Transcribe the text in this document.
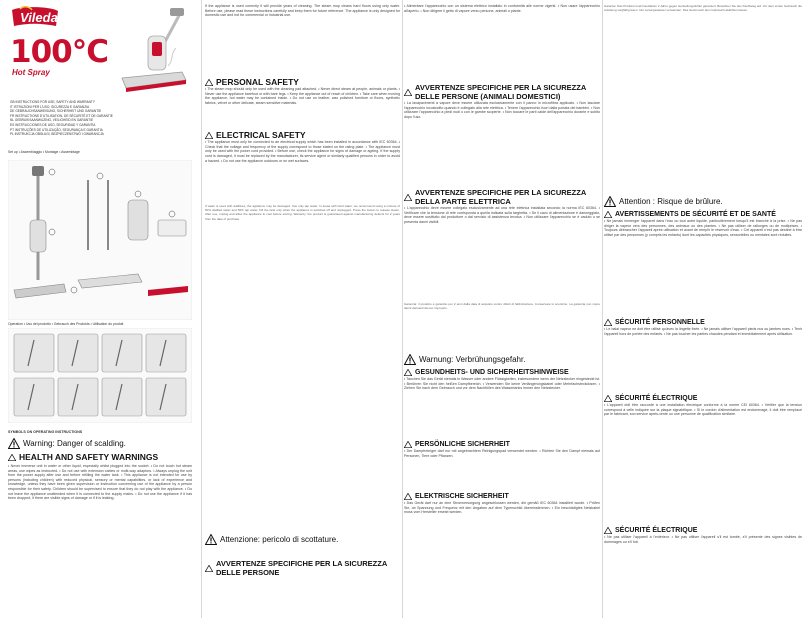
Vileda
make life easier
100°C
Hot Spray
GB INSTRUCTIONS FOR USE, SAFETY AND WARRANTY
IT ISTRUZIONI PER L'USO, SICUREZZA E GARANZIA
DE GEBRAUCHSANWEISUNG, SICHERHEIT UND GARANTIE
FR INSTRUCTIONS D'UTILISATION, DE SÉCURITÉ ET DE GARANTIE
NL GEBRUIKSAANWIJZING, VEILIGHEID EN GARANTIE
ES INSTRUCCIONES DE USO, SEGURIDAD Y GARANTÍA
PT INSTRUÇÕES DE UTILIZAÇÃO, SEGURANÇA E GARANTIA
PL INSTRUKCJA OBSŁUGI, BEZPIECZEŃSTWO I GWARANCJA
Set up • Assemblaggio • Montage • Assemblage
Operation • Uso del prodotto • Gebrauch des Produkts • Utilisation du produit
SYMBOLS ON OPERATING INSTRUCTIONS
Warning: Danger of scalding.
HEALTH AND SAFETY WARNINGS
• Never immerse unit in water or other liquid, especially whilst plugged into the socket. • Do not touch hot steam areas, use wipes as instructed. • Do not use with extension cables or multi-way adaptors. • Always unplug the unit from the power supply after use and before refilling the water tank. • This appliance is not intended for use by persons (including children) with reduced physical, sensory or mental capabilities, or lack of experience and knowledge, unless they have been given supervision or instruction concerning use of the appliance by a person responsible for their safety. Children should be supervised to ensure that they do not play with the appliance. • Do not leave the appliance unattended when it is connected to the supply mains. • Do not use the appliance if it has been dropped, if there are visible signs of damage or if it is leaking.
If the appliance is used correctly it will provide years of cleaning. The steam mop cleans hard floors using only water. Before use, please read these instructions carefully and keep them for future reference. The appliance is only designed for domestic use and not for commercial or industrial use.
PERSONAL SAFETY
• The steam mop should only be used with the cleaning pad attached. • Never direct steam at people, animals or plants. • Never use the appliance barefoot or with bare legs. • Keep the appliance out of reach of children. • Take care when moving the appliance, hot water may be contained inside. • Do not use on leather, wax polished furniture or floors, synthetic fabrics, velvet or other delicate, steam sensitive materials.
ELECTRICAL SAFETY
• The appliance must only be connected to an electrical supply which has been installed in accordance with IEC 60364. • Check that the voltage and frequency of the supply correspond to those stated on the rating plate. • The appliance must only be used with the power cord provided. • Before use, check the appliance for signs of damage or ageing. If the supply cord is damaged, it must be replaced by the manufacturer, its service agent or similarly qualified persons in order to avoid a hazard. • Do not use the appliance outdoors or on wet surfaces.
If water is used with additives, the appliance may be damaged. Use only tap water. In areas with hard water, we recommend using a mixture of 50% distilled water and 50% tap water. Fill the tank only when the appliance is switched off and unplugged. Press the button to release steam. After use, unplug and allow the appliance to cool before storing. Warranty: the product is guaranteed against manufacturing defects for 2 years from the date of purchase.
Attenzione: pericolo di scottature.
AVVERTENZE SPECIFICHE PER LA SICUREZZA DELLE PERSONE
• Alimentare l'apparecchio con un sistema elettrico installato in conformità alle norme vigenti. • Non usare l'apparecchio all'aperto. • Non dirigere il getto di vapore verso persone, animali o piante.
AVVERTENZE SPECIFICHE PER LA SICUREZZA DELLE PERSONE (ANIMALI DOMESTICI)
• La lavapavimenti a vapore deve essere utilizzata esclusivamente con il panno in microfibra applicato. • Non lasciare l'apparecchio incustodito quando è collegato alla rete elettrica. • Tenere l'apparecchio fuori dalla portata dei bambini. • Non utilizzare l'apparecchio a piedi nudi o con le gambe scoperte. • Non toccare le parti calde dell'apparecchio durante e subito dopo l'uso.
AVVERTENZE SPECIFICHE PER LA SICUREZZA DELLA PARTE ELETTRICA
• L'apparecchio deve essere collegato esclusivamente ad una rete elettrica installata secondo la norma IEC 60364. • Verificare che la tensione di rete corrisponda a quella indicata sulla targhetta. • Se il cavo di alimentazione è danneggiato, deve essere sostituito dal produttore o dal servizio di assistenza tecnica. • Non utilizzare l'apparecchio se è caduto o se presenta danni visibili.
Garanzia: il prodotto è garantito per 2 anni dalla data di acquisto contro difetti di fabbricazione. Conservare lo scontrino. La garanzia non copre danni derivanti da uso improprio.
Warnung: Verbrühungsgefahr.
GESUNDHEITS- UND SICHERHEITSHINWEISE
• Tauchen Sie das Gerät niemals in Wasser oder andere Flüssigkeiten, insbesondere wenn der Netzstecker eingesteckt ist. • Berühren Sie nicht den heißen Dampfbereich. • Verwenden Sie keine Verlängerungskabel oder Mehrfachsteckdosen. • Ziehen Sie nach dem Gebrauch und vor dem Nachfüllen des Wassertanks immer den Netzstecker.
PERSÖNLICHE SICHERHEIT
• Der Dampfreiniger darf nur mit angebrachtem Reinigungspad verwendet werden. • Richten Sie den Dampf niemals auf Personen, Tiere oder Pflanzen.
ELEKTRISCHE SICHERHEIT
• Das Gerät darf nur an eine Stromversorgung angeschlossen werden, die gemäß IEC 60364 installiert wurde. • Prüfen Sie, ob Spannung und Frequenz mit den Angaben auf dem Typenschild übereinstimmen. • Ein beschädigtes Netzkabel muss vom Hersteller ersetzt werden.
Garantie: Das Produkt ist ab Kaufdatum 2 Jahre gegen Herstellungsfehler garantiert. Bewahren Sie den Kaufbeleg auf. Vor dem ersten Gebrauch die Anleitung sorgfältig lesen. Nur Leitungswasser verwenden. Das Gerät nach dem Gebrauch abkühlen lassen.
Attention : Risque de brûlure.
AVERTISSEMENTS DE SÉCURITÉ ET DE SANTÉ
• Ne jamais immerger l'appareil dans l'eau ou tout autre liquide, particulièrement lorsqu'il est branché à la prise. • Ne pas diriger la vapeur vers des personnes, des animaux ou des plantes. • Ne pas utiliser de rallonges ou de multiprises. • Toujours débrancher l'appareil après utilisation et avant de remplir le réservoir d'eau. • Cet appareil n'est pas destiné à être utilisé par des personnes (y compris les enfants) dont les capacités physiques, sensorielles ou mentales sont réduites.
SÉCURITÉ PERSONNELLE
• Le balai vapeur ne doit être utilisé qu'avec la lingette fixée. • Ne jamais utiliser l'appareil pieds nus ou jambes nues. • Tenir l'appareil hors de portée des enfants. • Ne pas toucher les parties chaudes pendant et immédiatement après utilisation.
SÉCURITÉ ÉLECTRIQUE
• L'appareil doit être raccordé à une installation électrique conforme à la norme CEI 60364. • Vérifier que la tension correspond à celle indiquée sur la plaque signalétique. • Si le cordon d'alimentation est endommagé, il doit être remplacé par le fabricant, son service après-vente ou une personne de qualification similaire.
SÉCURITÉ ÉLECTRIQUE
• Ne pas utiliser l'appareil à l'extérieur. • Ne pas utiliser l'appareil s'il est tombé, s'il présente des signes visibles de dommages ou s'il fuit.
